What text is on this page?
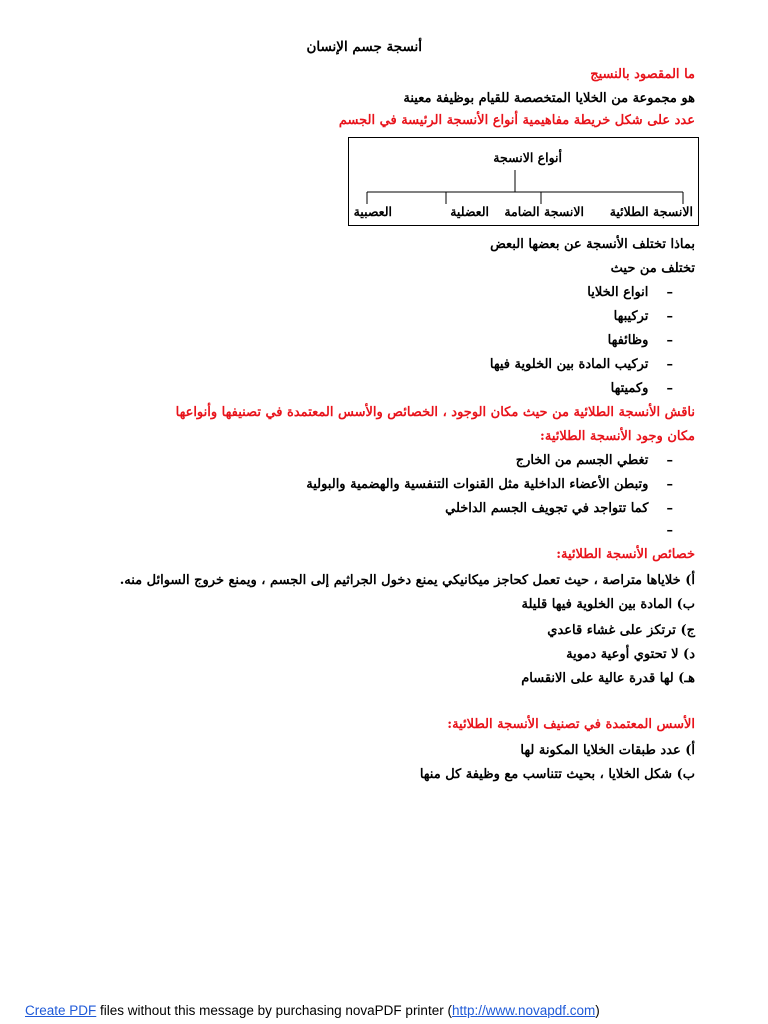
أنسجة جسم الإنسان
ما المقصود بالنسيج
هو مجموعة من الخلايا المتخصصة للقيام بوظيفة معينة
عدد على شكل خريطة مفاهيمية أنواع الأنسجة الرئيسة في الجسم
أنواع الانسجة
الانسجة الطلائية
الانسجة الضامة
العضلية
العصبية
بماذا تختلف الأنسجة عن بعضها البعض
تختلف من حيث
–    انواع الخلايا
–    تركيبها
–    وظائفها
–    تركيب المادة بين الخلوية فيها
–    وكميتها
ناقش الأنسجة الطلائية من حيث مكان الوجود ، الخصائص والأسس المعتمدة في تصنيفها وأنواعها
مكان وجود الأنسجة الطلائية:
–    تغطي الجسم من الخارج
–    وتبطن الأعضاء الداخلية مثل القنوات التنفسية والهضمية والبولية
–    كما تتواجد في تجويف الجسم الداخلي
–
خصائص الأنسجة الطلائية:
أ) خلاياها متراصة ، حيث تعمل كحاجز ميكانيكي يمنع دخول الجراثيم إلى الجسم ، ويمنع خروج السوائل منه.
ب) المادة بين الخلوية فيها قليلة
ج) ترتكز على غشاء قاعدي
د) لا تحتوي أوعية دموية
هـ) لها قدرة عالية على الانقسام
الأسس المعتمدة في تصنيف الأنسجة الطلائية:
أ) عدد طبقات الخلايا المكونة لها
ب) شكل الخلايا ، بحيث تتناسب مع وظيفة كل منها
Create PDF files without this message by purchasing novaPDF printer (http://www.novapdf.com)
